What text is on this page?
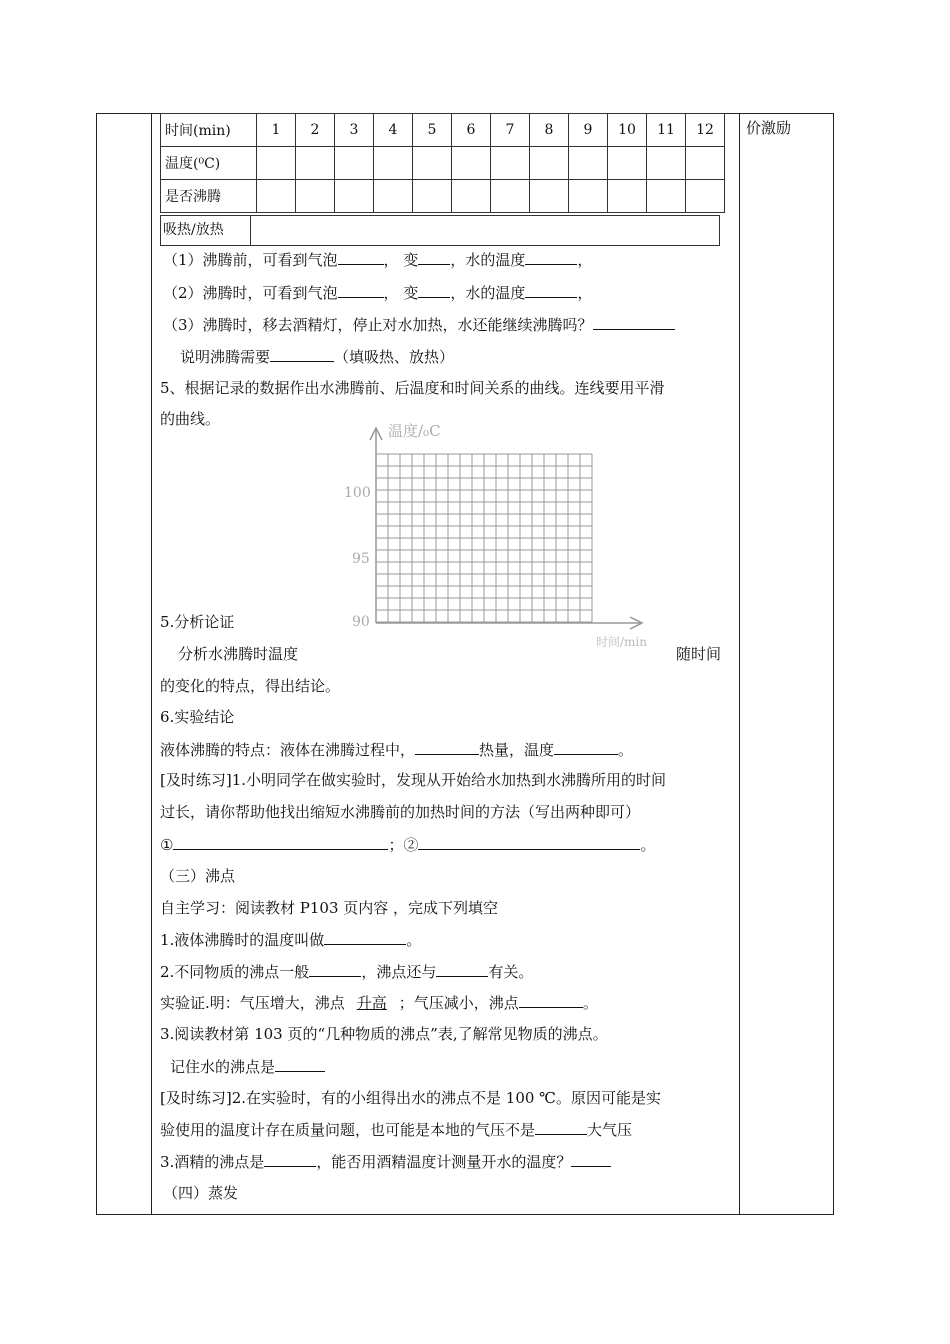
价激励
时间(min)	1	2	3	4	5	6	7	8	9	10	11	12
温度(⁰C)												
是否沸腾												
吸热/放热
（1）沸腾前，可看到气泡	， 变 ，水的温度	，
（2）沸腾时，可看到气泡	， 变 ，水的温度	，
（3）沸腾时，移去酒精灯，停止对水加热，水还能继续沸腾吗？
说明沸腾需要	（填吸热、放热）
5、根据记录的数据作出水沸腾前、后温度和时间关系的曲线。连线要用平滑
的曲线。
温度/₀C
时间/min
100
95
90
5.分析论证
分析水沸腾时温度	随时间
的变化的特点，得出结论。
6.实验结论
液体沸腾的特点：液体在沸腾过程中，	热量，温度	。
[及时练习]1.小明同学在做实验时，发现从开始给水加热到水沸腾所用的时间
过长，请你帮助他找出缩短水沸腾前的加热时间的方法（写出两种即可）
①	；②	。
（三）沸点
自主学习：阅读教材 P103 页内容 ，完成下列填空
1.液体沸腾时的温度叫做	。
2.不同物质的沸点一般	，沸点还与	有关。
实验证.明：气压增大，沸点 升高 ；气压减小，沸点	。
3.阅读教材第 103 页的“几种物质的沸点”表,了解常见物质的沸点。
记住水的沸点是
[及时练习]2.在实验时，有的小组得出水的沸点不是 100 ℃。原因可能是实
验使用的温度计存在质量问题，也可能是本地的气压不是	大气压
3.酒精的沸点是	，能否用酒精温度计测量开水的温度？
（四）蒸发
